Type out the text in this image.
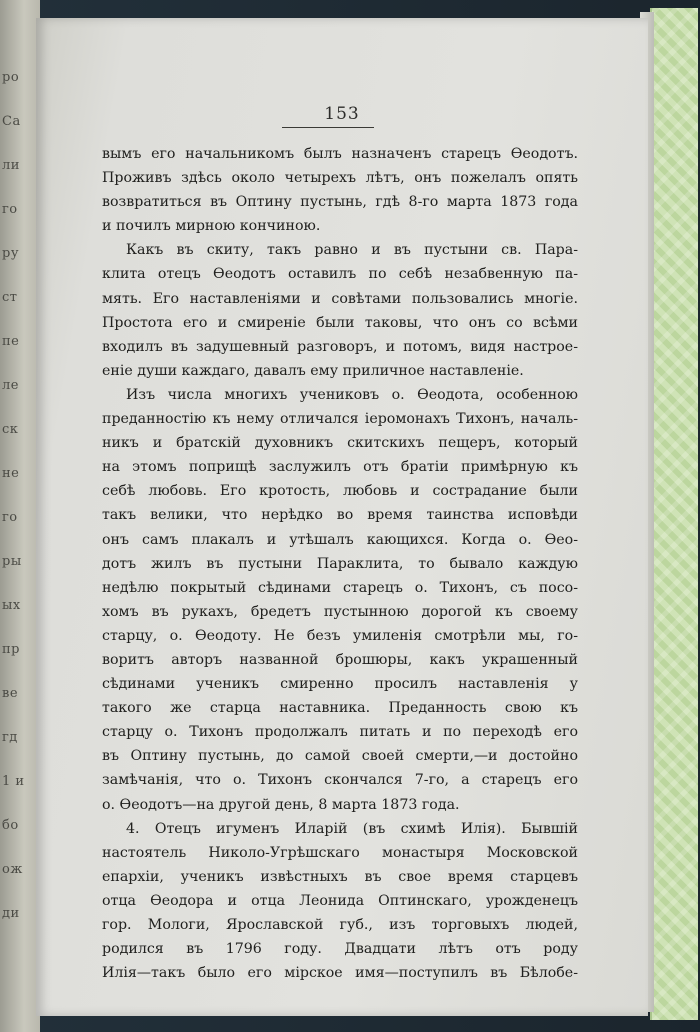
ро
Са
ли
го
ру
ст
пе
ле
ск
не
го
ры
ых
пр
ве
гд
1 и
бо
ож
ди
153
вымъ его начальникомъ былъ назначенъ старецъ Ѳеодотъ.
Проживъ здѣсь около четырехъ лѣтъ, онъ пожелалъ опять
возвратиться въ Оптину пустынь, гдѣ 8-го марта 1873 года
и почилъ мирною кончиною.
Какъ въ скиту, такъ равно и въ пустыни св. Пара-
клита отецъ Ѳеодотъ оставилъ по себѣ незабвенную па-
мять. Его наставленiями и совѣтами пользовались многiе.
Простота его и смиренiе были таковы, что онъ со всѣми
входилъ въ задушевный разговоръ, и потомъ, видя настрое-
енiе души каждаго, давалъ ему приличное наставленiе.
Изъ числа многихъ учениковъ о. Ѳеодота, особенною
преданностiю къ нему отличался iеромонахъ Тихонъ, началь-
никъ и братскiй духовникъ скитскихъ пещеръ, который
на этомъ поприщѣ заслужилъ отъ братiи примѣрную къ
себѣ любовь. Его кротость, любовь и сострадание были
такъ велики, что нерѣдко во время таинства исповѣди
онъ самъ плакалъ и утѣшалъ кающихся. Когда о. Ѳео-
дотъ жилъ въ пустыни Параклита, то бывало каждую
недѣлю покрытый сѣдинами старецъ о. Тихонъ, съ посо-
хомъ въ рукахъ, бредетъ пустынною дорогой къ своему
старцу, о. Ѳеодоту. Не безъ умиленiя смотрѣли мы, го-
воритъ авторъ названной брошюры, какъ украшенный
сѣдинами ученикъ смиренно просилъ наставленiя у
такого же старца наставника. Преданность свою къ
старцу о. Тихонъ продолжалъ питать и по переходѣ его
въ Оптину пустынь, до самой своей смерти,—и достойно
замѣчанiя, что о. Тихонъ скончался 7-го, а старецъ его
о. Ѳеодотъ—на другой день, 8 марта 1873 года.
4. Отецъ игуменъ Иларiй (въ схимѣ Илiя). Бывшiй
настоятель Николо-Угрѣшскаго монастыря Московской
епархiи, ученикъ извѣстныхъ въ свое время старцевъ
отца Ѳеодора и отца Леонида Оптинскаго, урожденецъ
гор. Мологи, Ярославской губ., изъ торговыхъ людей,
родился въ 1796 году. Двадцати лѣтъ отъ роду
Илiя—такъ было его мiрское имя—поступилъ въ Бѣлобе-
